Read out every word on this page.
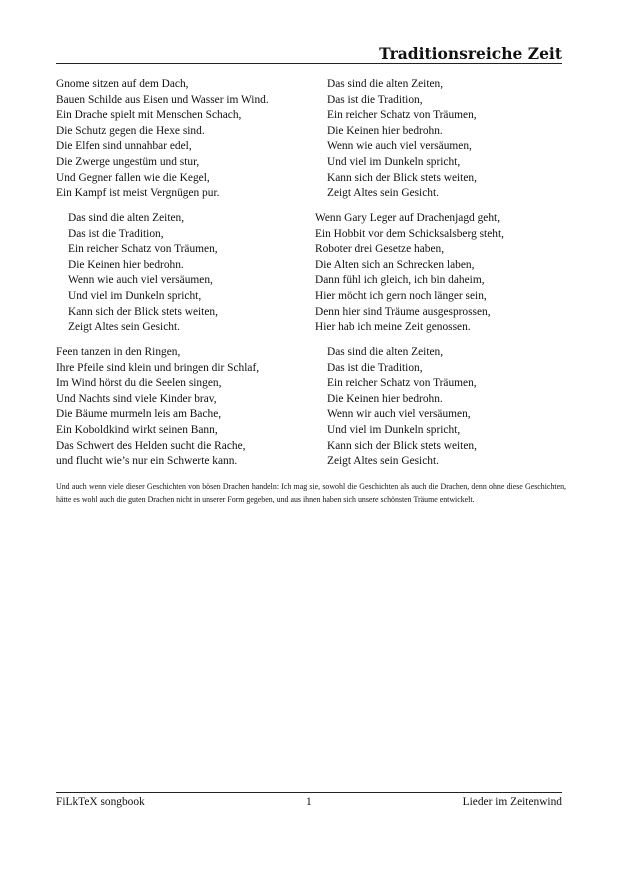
Traditionsreiche Zeit
Gnome sitzen auf dem Dach,
Bauen Schilde aus Eisen und Wasser im Wind.
Ein Drache spielt mit Menschen Schach,
Die Schutz gegen die Hexe sind.
Die Elfen sind unnahbar edel,
Die Zwerge ungestüm und stur,
Und Gegner fallen wie die Kegel,
Ein Kampf ist meist Vergnügen pur.
Das sind die alten Zeiten,
Das ist die Tradition,
Ein reicher Schatz von Träumen,
Die Keinen hier bedrohn.
Wenn wie auch viel versäumen,
Und viel im Dunkeln spricht,
Kann sich der Blick stets weiten,
Zeigt Altes sein Gesicht.
Das sind die alten Zeiten,
Das ist die Tradition,
Ein reicher Schatz von Träumen,
Die Keinen hier bedrohn.
Wenn wie auch viel versäumen,
Und viel im Dunkeln spricht,
Kann sich der Blick stets weiten,
Zeigt Altes sein Gesicht.
Wenn Gary Leger auf Drachenjagd geht,
Ein Hobbit vor dem Schicksalsberg steht,
Roboter drei Gesetze haben,
Die Alten sich an Schrecken laben,
Dann fühl ich gleich, ich bin daheim,
Hier möcht ich gern noch länger sein,
Denn hier sind Träume ausgesprossen,
Hier hab ich meine Zeit genossen.
Feen tanzen in den Ringen,
Ihre Pfeile sind klein und bringen dir Schlaf,
Im Wind hörst du die Seelen singen,
Und Nachts sind viele Kinder brav,
Die Bäume murmeln leis am Bache,
Ein Koboldkind wirkt seinen Bann,
Das Schwert des Helden sucht die Rache,
und flucht wie’s nur ein Schwerte kann.
Das sind die alten Zeiten,
Das ist die Tradition,
Ein reicher Schatz von Träumen,
Die Keinen hier bedrohn.
Wenn wir auch viel versäumen,
Und viel im Dunkeln spricht,
Kann sich der Blick stets weiten,
Zeigt Altes sein Gesicht.
Und auch wenn viele dieser Geschichten von bösen Drachen handeln: Ich mag sie, sowohl die Geschichten als auch die Drachen, denn ohne diese Geschichten, hätte es wohl auch die guten Drachen nicht in unserer Form gegeben, und aus ihnen haben sich unsere schönsten Träume entwickelt.
FiLkTeX songbook	1	Lieder im Zeitenwind
